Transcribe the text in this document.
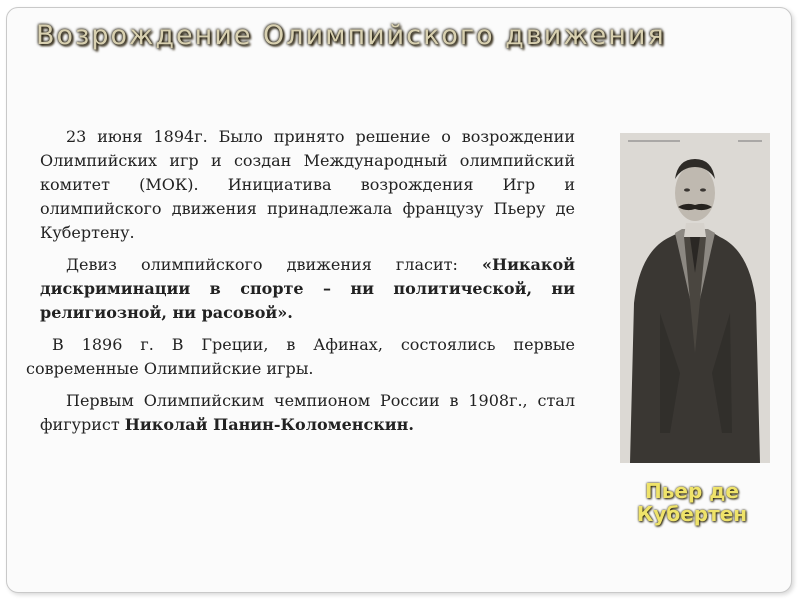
Возрождение Олимпийского движения

23 июня 1894г. Было принято решение о возрождении Олимпийских игр и создан Международный олимпийский комитет (МОК). Инициатива возрождения Игр и олимпийского движения принадлежала французу Пьеру де Кубертену.

Девиз олимпийского движения гласит: «Никакой дискриминации в спорте – ни политической, ни религиозной, ни расовой».

В 1896 г. В Греции, в Афинах, состоялись первые современные Олимпийские игры.

Первым Олимпийским чемпионом России в 1908г., стал фигурист Николай Панин-Коломенскин.

Пьер де
Кубертен
